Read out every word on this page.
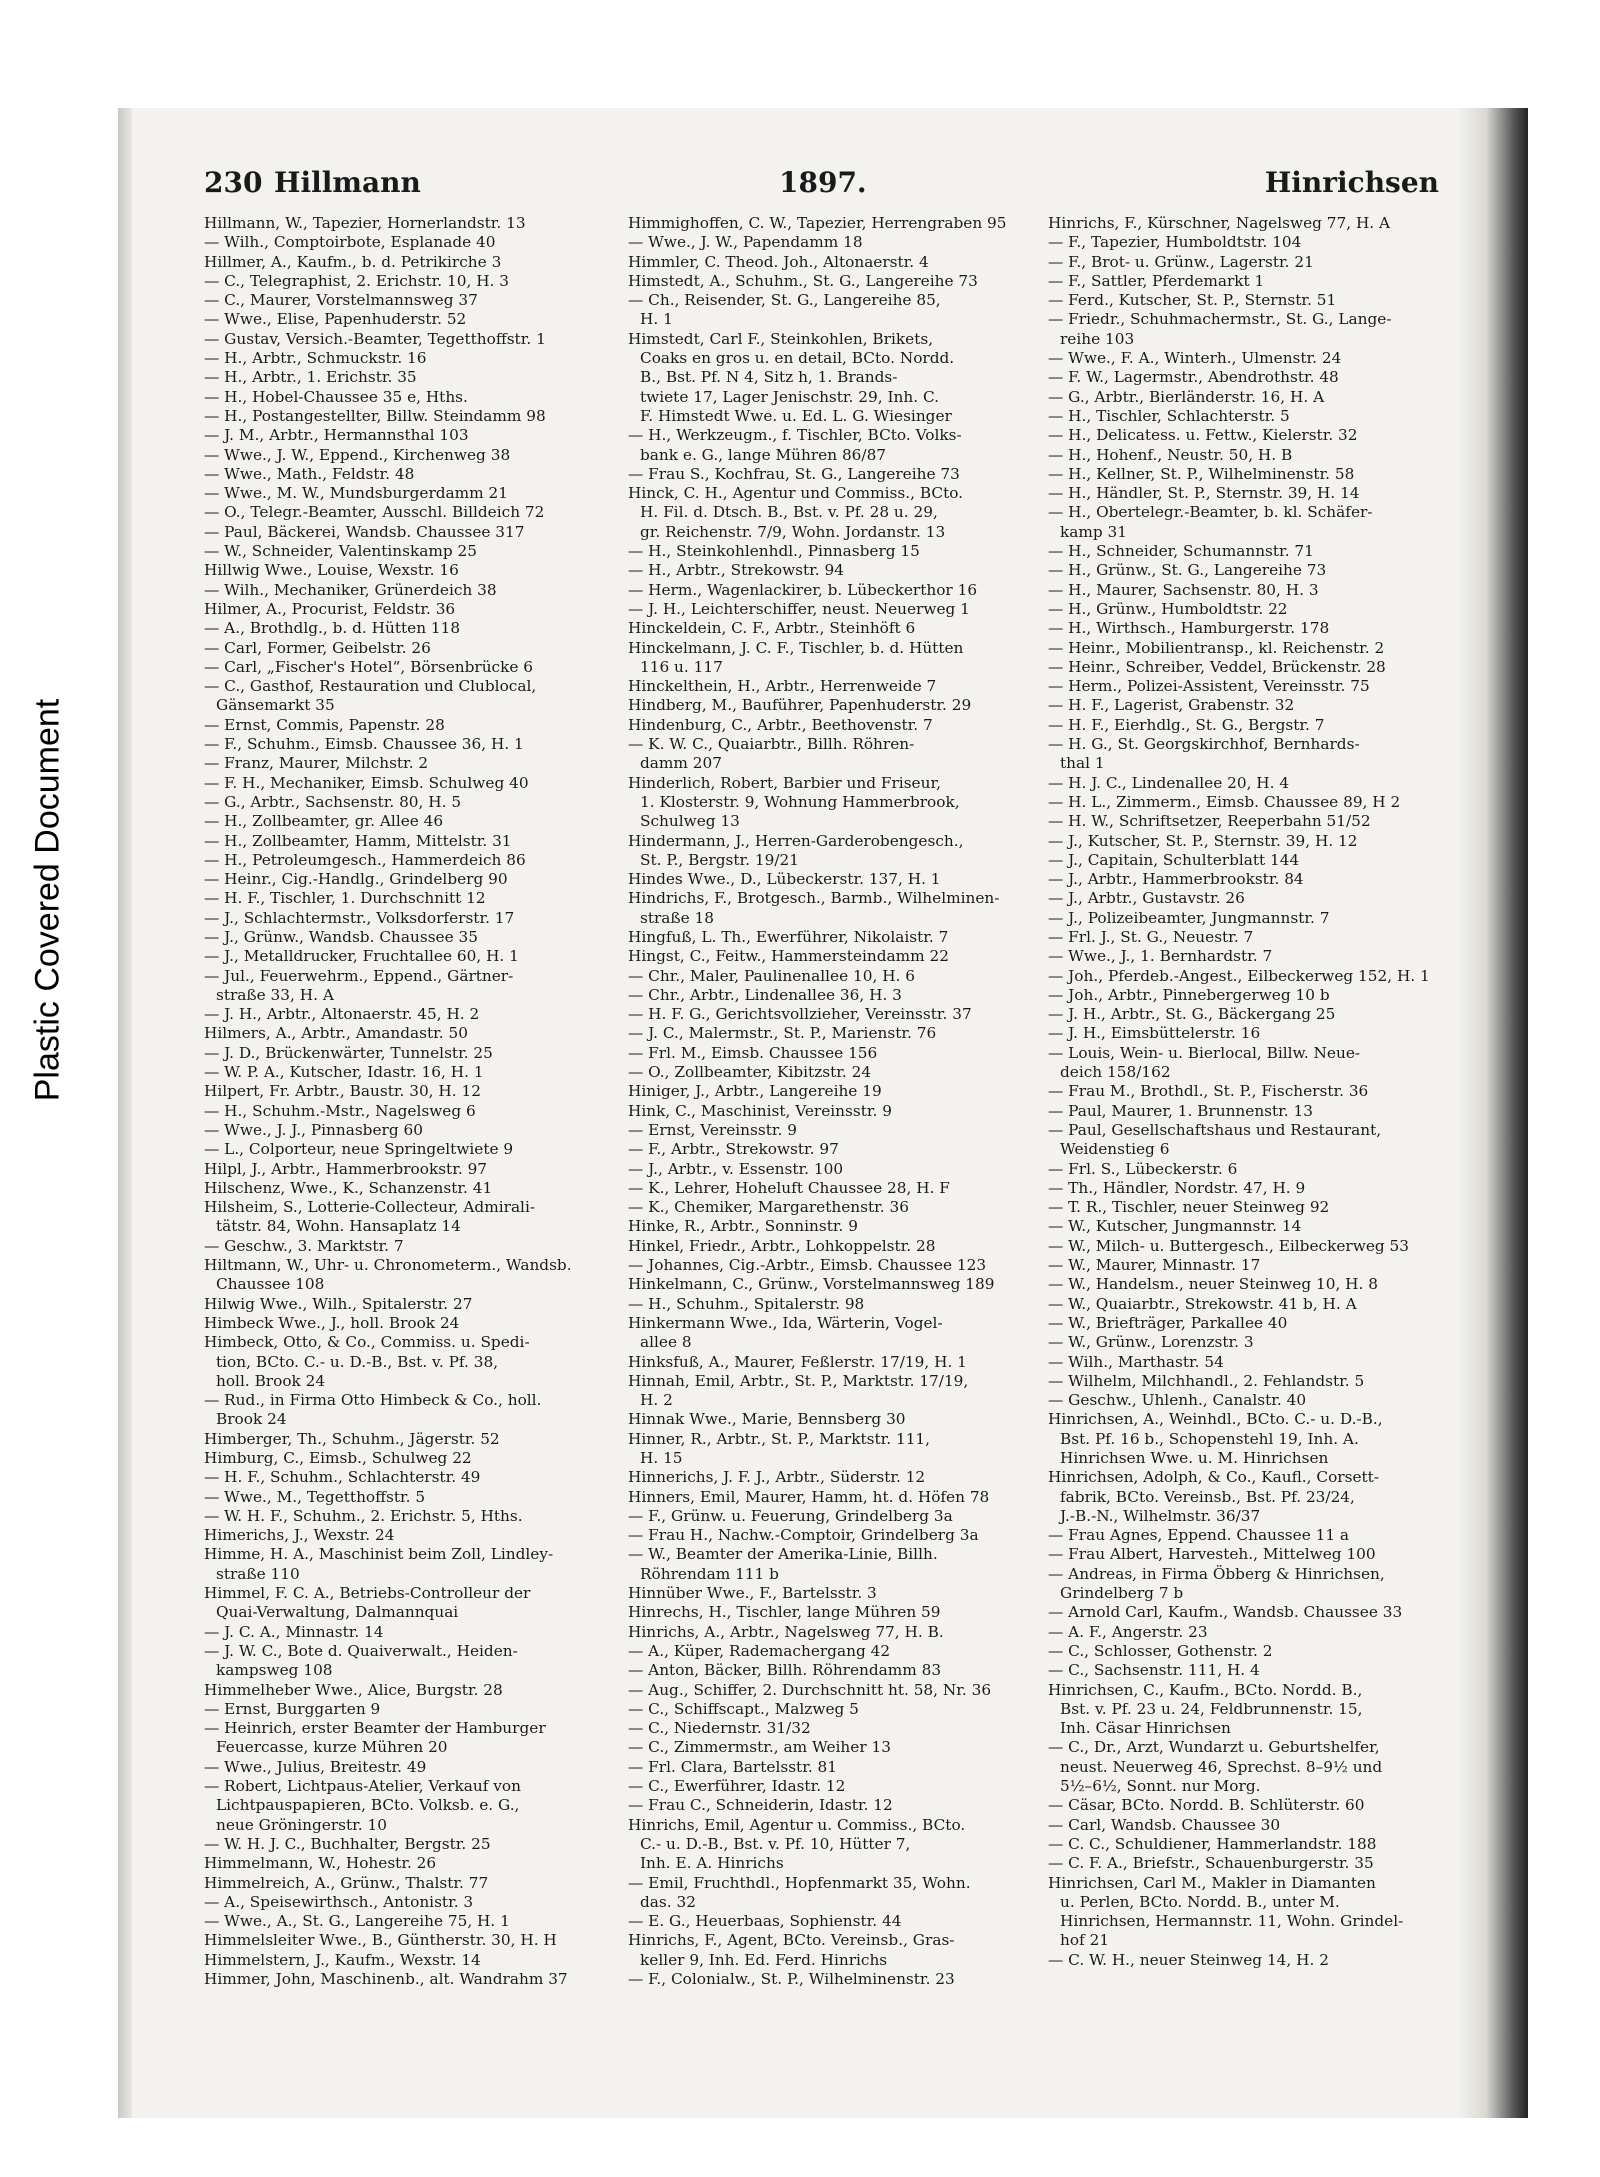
Plastic Covered Document
230 Hillmann	1897.	Hinrichsen
Hillmann, W., Tapezier, Hornerlandstr. 13
— Wilh., Comptoirbote, Esplanade 40
Hillmer, A., Kaufm., b. d. Petrikirche 3
— C., Telegraphist, 2. Erichstr. 10, H. 3
— C., Maurer, Vorstelmannsweg 37
— Wwe., Elise, Papenhuderstr. 52
— Gustav, Versich.-Beamter, Tegetthoffstr. 1
— H., Arbtr., Schmuckstr. 16
— H., Arbtr., 1. Erichstr. 35
— H., Hobel-Chaussee 35 e, Hths.
— H., Postangestellter, Billw. Steindamm 98
— J. M., Arbtr., Hermannsthal 103
— Wwe., J. W., Eppend., Kirchenweg 38
— Wwe., Math., Feldstr. 48
— Wwe., M. W., Mundsburgerdamm 21
— O., Telegr.-Beamter, Ausschl. Billdeich 72
— Paul, Bäckerei, Wandsb. Chaussee 317
— W., Schneider, Valentinskamp 25
Hillwig Wwe., Louise, Wexstr. 16
— Wilh., Mechaniker, Grünerdeich 38
Hilmer, A., Procurist, Feldstr. 36
— A., Brothdlg., b. d. Hütten 118
— Carl, Former, Geibelstr. 26
— Carl, „Fischer's Hotel“, Börsenbrücke 6
— C., Gasthof, Restauration und Clublocal,
Gänsemarkt 35
— Ernst, Commis, Papenstr. 28
— F., Schuhm., Eimsb. Chaussee 36, H. 1
— Franz, Maurer, Milchstr. 2
— F. H., Mechaniker, Eimsb. Schulweg 40
— G., Arbtr., Sachsenstr. 80, H. 5
— H., Zollbeamter, gr. Allee 46
— H., Zollbeamter, Hamm, Mittelstr. 31
— H., Petroleumgesch., Hammerdeich 86
— Heinr., Cig.-Handlg., Grindelberg 90
— H. F., Tischler, 1. Durchschnitt 12
— J., Schlachtermstr., Volksdorferstr. 17
— J., Grünw., Wandsb. Chaussee 35
— J., Metalldrucker, Fruchtallee 60, H. 1
— Jul., Feuerwehrm., Eppend., Gärtner-
straße 33, H. A
— J. H., Arbtr., Altonaerstr. 45, H. 2
Hilmers, A., Arbtr., Amandastr. 50
— J. D., Brückenwärter, Tunnelstr. 25
— W. P. A., Kutscher, Idastr. 16, H. 1
Hilpert, Fr. Arbtr., Baustr. 30, H. 12
— H., Schuhm.-Mstr., Nagelsweg 6
— Wwe., J. J., Pinnasberg 60
— L., Colporteur, neue Springeltwiete 9
Hilpl, J., Arbtr., Hammerbrookstr. 97
Hilschenz, Wwe., K., Schanzenstr. 41
Hilsheim, S., Lotterie-Collecteur, Admirali-
tätstr. 84, Wohn. Hansaplatz 14
— Geschw., 3. Marktstr. 7
Hiltmann, W., Uhr- u. Chronometerm., Wandsb.
Chaussee 108
Hilwig Wwe., Wilh., Spitalerstr. 27
Himbeck Wwe., J., holl. Brook 24
Himbeck, Otto, & Co., Commiss. u. Spedi-
tion, BCto. C.- u. D.-B., Bst. v. Pf. 38,
holl. Brook 24
— Rud., in Firma Otto Himbeck & Co., holl.
Brook 24
Himberger, Th., Schuhm., Jägerstr. 52
Himburg, C., Eimsb., Schulweg 22
— H. F., Schuhm., Schlachterstr. 49
— Wwe., M., Tegetthoffstr. 5
— W. H. F., Schuhm., 2. Erichstr. 5, Hths.
Himerichs, J., Wexstr. 24
Himme, H. A., Maschinist beim Zoll, Lindley-
straße 110
Himmel, F. C. A., Betriebs-Controlleur der
Quai-Verwaltung, Dalmannquai
— J. C. A., Minnastr. 14
— J. W. C., Bote d. Quaiverwalt., Heiden-
kampsweg 108
Himmelheber Wwe., Alice, Burgstr. 28
— Ernst, Burggarten 9
— Heinrich, erster Beamter der Hamburger
Feuercasse, kurze Mühren 20
— Wwe., Julius, Breitestr. 49
— Robert, Lichtpaus-Atelier, Verkauf von
Lichtpauspapieren, BCto. Volksb. e. G.,
neue Gröningerstr. 10
— W. H. J. C., Buchhalter, Bergstr. 25
Himmelmann, W., Hohestr. 26
Himmelreich, A., Grünw., Thalstr. 77
— A., Speisewirthsch., Antonistr. 3
— Wwe., A., St. G., Langereihe 75, H. 1
Himmelsleiter Wwe., B., Güntherstr. 30, H. H
Himmelstern, J., Kaufm., Wexstr. 14
Himmer, John, Maschinenb., alt. Wandrahm 37
Himmighoffen, C. W., Tapezier, Herrengraben 95
— Wwe., J. W., Papendamm 18
Himmler, C. Theod. Joh., Altonaerstr. 4
Himstedt, A., Schuhm., St. G., Langereihe 73
— Ch., Reisender, St. G., Langereihe 85,
H. 1
Himstedt, Carl F., Steinkohlen, Brikets,
Coaks en gros u. en detail, BCto. Nordd.
B., Bst. Pf. N 4, Sitz h, 1. Brands-
twiete 17, Lager Jenischstr. 29, Inh. C.
F. Himstedt Wwe. u. Ed. L. G. Wiesinger
— H., Werkzeugm., f. Tischler, BCto. Volks-
bank e. G., lange Mühren 86/87
— Frau S., Kochfrau, St. G., Langereihe 73
Hinck, C. H., Agentur und Commiss., BCto.
H. Fil. d. Dtsch. B., Bst. v. Pf. 28 u. 29,
gr. Reichenstr. 7/9, Wohn. Jordanstr. 13
— H., Steinkohlenhdl., Pinnasberg 15
— H., Arbtr., Strekowstr. 94
— Herm., Wagenlackirer, b. Lübeckerthor 16
— J. H., Leichterschiffer, neust. Neuerweg 1
Hinckeldein, C. F., Arbtr., Steinhöft 6
Hinckelmann, J. C. F., Tischler, b. d. Hütten
116 u. 117
Hinckelthein, H., Arbtr., Herrenweide 7
Hindberg, M., Bauführer, Papenhuderstr. 29
Hindenburg, C., Arbtr., Beethovenstr. 7
— K. W. C., Quaiarbtr., Billh. Röhren-
damm 207
Hinderlich, Robert, Barbier und Friseur,
1. Klosterstr. 9, Wohnung Hammerbrook,
Schulweg 13
Hindermann, J., Herren-Garderobengesch.,
St. P., Bergstr. 19/21
Hindes Wwe., D., Lübeckerstr. 137, H. 1
Hindrichs, F., Brotgesch., Barmb., Wilhelminen-
straße 18
Hingfuß, L. Th., Ewerführer, Nikolaistr. 7
Hingst, C., Feitw., Hammersteindamm 22
— Chr., Maler, Paulinenallee 10, H. 6
— Chr., Arbtr., Lindenallee 36, H. 3
— H. F. G., Gerichtsvollzieher, Vereinsstr. 37
— J. C., Malermstr., St. P., Marienstr. 76
— Frl. M., Eimsb. Chaussee 156
— O., Zollbeamter, Kibitzstr. 24
Hiniger, J., Arbtr., Langereihe 19
Hink, C., Maschinist, Vereinsstr. 9
— Ernst, Vereinsstr. 9
— F., Arbtr., Strekowstr. 97
— J., Arbtr., v. Essenstr. 100
— K., Lehrer, Hoheluft Chaussee 28, H. F
— K., Chemiker, Margarethenstr. 36
Hinke, R., Arbtr., Sonninstr. 9
Hinkel, Friedr., Arbtr., Lohkoppelstr. 28
— Johannes, Cig.-Arbtr., Eimsb. Chaussee 123
Hinkelmann, C., Grünw., Vorstelmannsweg 189
— H., Schuhm., Spitalerstr. 98
Hinkermann Wwe., Ida, Wärterin, Vogel-
allee 8
Hinksfuß, A., Maurer, Feßlerstr. 17/19, H. 1
Hinnah, Emil, Arbtr., St. P., Marktstr. 17/19,
H. 2
Hinnak Wwe., Marie, Bennsberg 30
Hinner, R., Arbtr., St. P., Marktstr. 111,
H. 15
Hinnerichs, J. F. J., Arbtr., Süderstr. 12
Hinners, Emil, Maurer, Hamm, ht. d. Höfen 78
— F., Grünw. u. Feuerung, Grindelberg 3a
— Frau H., Nachw.-Comptoir, Grindelberg 3a
— W., Beamter der Amerika-Linie, Billh.
Röhrendam 111 b
Hinnüber Wwe., F., Bartelsstr. 3
Hinrechs, H., Tischler, lange Mühren 59
Hinrichs, A., Arbtr., Nagelsweg 77, H. B.
— A., Küper, Rademachergang 42
— Anton, Bäcker, Billh. Röhrendamm 83
— Aug., Schiffer, 2. Durchschnitt ht. 58, Nr. 36
— C., Schiffscapt., Malzweg 5
— C., Niedernstr. 31/32
— C., Zimmermstr., am Weiher 13
— Frl. Clara, Bartelsstr. 81
— C., Ewerführer, Idastr. 12
— Frau C., Schneiderin, Idastr. 12
Hinrichs, Emil, Agentur u. Commiss., BCto.
C.- u. D.-B., Bst. v. Pf. 10, Hütter 7,
Inh. E. A. Hinrichs
— Emil, Fruchthdl., Hopfenmarkt 35, Wohn.
das. 32
— E. G., Heuerbaas, Sophienstr. 44
Hinrichs, F., Agent, BCto. Vereinsb., Gras-
keller 9, Inh. Ed. Ferd. Hinrichs
— F., Colonialw., St. P., Wilhelminenstr. 23
Hinrichs, F., Kürschner, Nagelsweg 77, H. A
— F., Tapezier, Humboldtstr. 104
— F., Brot- u. Grünw., Lagerstr. 21
— F., Sattler, Pferdemarkt 1
— Ferd., Kutscher, St. P., Sternstr. 51
— Friedr., Schuhmachermstr., St. G., Lange-
reihe 103
— Wwe., F. A., Winterh., Ulmenstr. 24
— F. W., Lagermstr., Abendrothstr. 48
— G., Arbtr., Bierländerstr. 16, H. A
— H., Tischler, Schlachterstr. 5
— H., Delicatess. u. Fettw., Kielerstr. 32
— H., Hohenf., Neustr. 50, H. B
— H., Kellner, St. P., Wilhelminenstr. 58
— H., Händler, St. P., Sternstr. 39, H. 14
— H., Obertelegr.-Beamter, b. kl. Schäfer-
kamp 31
— H., Schneider, Schumannstr. 71
— H., Grünw., St. G., Langereihe 73
— H., Maurer, Sachsenstr. 80, H. 3
— H., Grünw., Humboldtstr. 22
— H., Wirthsch., Hamburgerstr. 178
— Heinr., Mobilientransp., kl. Reichenstr. 2
— Heinr., Schreiber, Veddel, Brückenstr. 28
— Herm., Polizei-Assistent, Vereinsstr. 75
— H. F., Lagerist, Grabenstr. 32
— H. F., Eierhdlg., St. G., Bergstr. 7
— H. G., St. Georgskirchhof, Bernhards-
thal 1
— H. J. C., Lindenallee 20, H. 4
— H. L., Zimmerm., Eimsb. Chaussee 89, H 2
— H. W., Schriftsetzer, Reeperbahn 51/52
— J., Kutscher, St. P., Sternstr. 39, H. 12
— J., Capitain, Schulterblatt 144
— J., Arbtr., Hammerbrookstr. 84
— J., Arbtr., Gustavstr. 26
— J., Polizeibeamter, Jungmannstr. 7
— Frl. J., St. G., Neuestr. 7
— Wwe., J., 1. Bernhardstr. 7
— Joh., Pferdeb.-Angest., Eilbeckerweg 152, H. 1
— Joh., Arbtr., Pinnebergerweg 10 b
— J. H., Arbtr., St. G., Bäckergang 25
— J. H., Eimsbüttelerstr. 16
— Louis, Wein- u. Bierlocal, Billw. Neue-
deich 158/162
— Frau M., Brothdl., St. P., Fischerstr. 36
— Paul, Maurer, 1. Brunnenstr. 13
— Paul, Gesellschaftshaus und Restaurant,
Weidenstieg 6
— Frl. S., Lübeckerstr. 6
— Th., Händler, Nordstr. 47, H. 9
— T. R., Tischler, neuer Steinweg 92
— W., Kutscher, Jungmannstr. 14
— W., Milch- u. Buttergesch., Eilbeckerweg 53
— W., Maurer, Minnastr. 17
— W., Handelsm., neuer Steinweg 10, H. 8
— W., Quaiarbtr., Strekowstr. 41 b, H. A
— W., Briefträger, Parkallee 40
— W., Grünw., Lorenzstr. 3
— Wilh., Marthastr. 54
— Wilhelm, Milchhandl., 2. Fehlandstr. 5
— Geschw., Uhlenh., Canalstr. 40
Hinrichsen, A., Weinhdl., BCto. C.- u. D.-B.,
Bst. Pf. 16 b., Schopenstehl 19, Inh. A.
Hinrichsen Wwe. u. M. Hinrichsen
Hinrichsen, Adolph, & Co., Kaufl., Corsett-
fabrik, BCto. Vereinsb., Bst. Pf. 23/24,
J.-B.-N., Wilhelmstr. 36/37
— Frau Agnes, Eppend. Chaussee 11 a
— Frau Albert, Harvesteh., Mittelweg 100
— Andreas, in Firma Öbberg & Hinrichsen,
Grindelberg 7 b
— Arnold Carl, Kaufm., Wandsb. Chaussee 33
— A. F., Angerstr. 23
— C., Schlosser, Gothenstr. 2
— C., Sachsenstr. 111, H. 4
Hinrichsen, C., Kaufm., BCto. Nordd. B.,
Bst. v. Pf. 23 u. 24, Feldbrunnenstr. 15,
Inh. Cäsar Hinrichsen
— C., Dr., Arzt, Wundarzt u. Geburtshelfer,
neust. Neuerweg 46, Sprechst. 8–9½ und
5½–6½, Sonnt. nur Morg.
— Cäsar, BCto. Nordd. B. Schlüterstr. 60
— Carl, Wandsb. Chaussee 30
— C. C., Schuldiener, Hammerlandstr. 188
— C. F. A., Briefstr., Schauenburgerstr. 35
Hinrichsen, Carl M., Makler in Diamanten
u. Perlen, BCto. Nordd. B., unter M.
Hinrichsen, Hermannstr. 11, Wohn. Grindel-
hof 21
— C. W. H., neuer Steinweg 14, H. 2
